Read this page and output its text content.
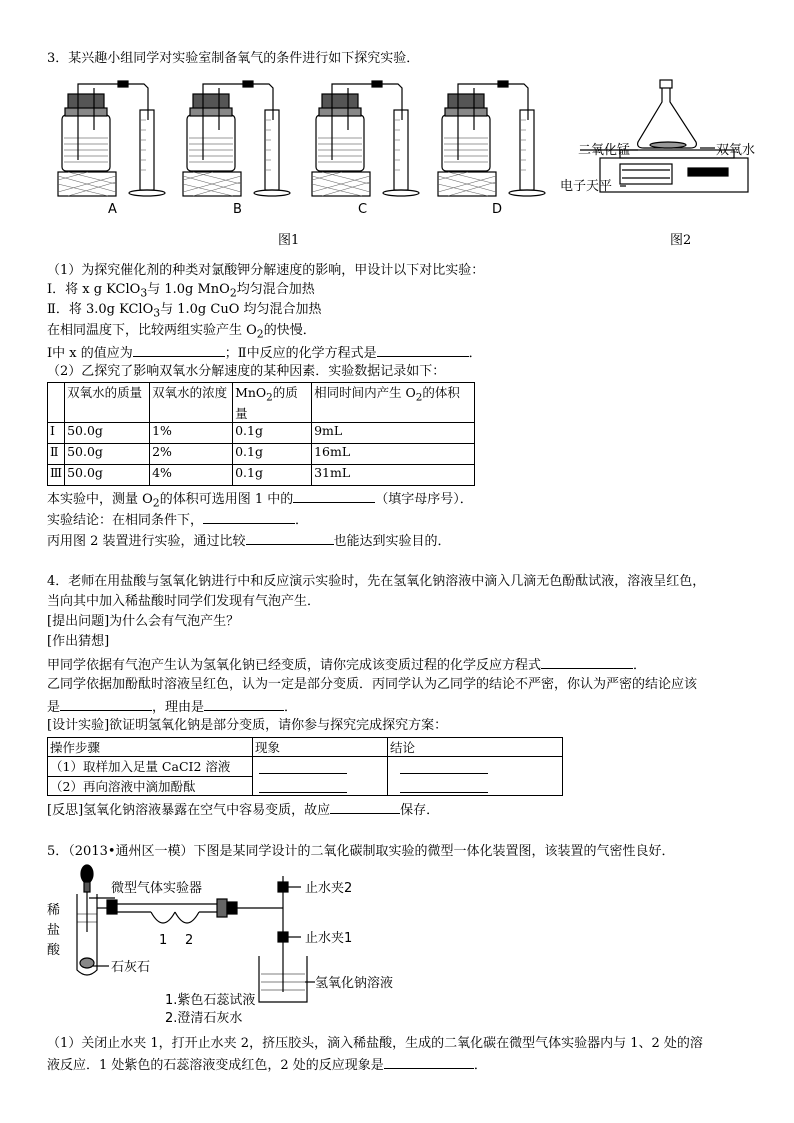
3．某兴趣小组同学对实验室制备氧气的条件进行如下探究实验．
A	B	C	D
图1
二氧化锰	双氧水
电子天平
图2
（1）为探究催化剂的种类对氯酸钾分解速度的影响，甲设计以下对比实验：
Ⅰ．将 x g KClO$_3$与 1.0g MnO$_2$均匀混合加热
Ⅱ．将 3.0g KClO$_3$与 1.0g CuO 均匀混合加热
在相同温度下，比较两组实验产生 $O_2$的快慢．
Ⅰ中 x 的值应为	；Ⅱ中反应的化学方程式是	．
（2）乙探究了影响双氧水分解速度的某种因素．实验数据记录如下：
	双氧水的质量	双氧水的浓度	MnO$_2$的质量	相同时间内产生 $O_2$的体积
Ⅰ	50.0g	1%	0.1g	9mL
Ⅱ	50.0g	2%	0.1g	16mL
Ⅲ	50.0g	4%	0.1g	31mL
本实验中，测量 $O_2$的体积可选用图 1 中的	（填字母序号）．
实验结论：在相同条件下，	．
丙用图 2 装置进行实验，通过比较	也能达到实验目的．
4．老师在用盐酸与氢氧化钠进行中和反应演示实验时，先在氢氧化钠溶液中滴入几滴无色酚酞试液，溶液呈红色，
当向其中加入稀盐酸时同学们发现有气泡产生．
[提出问题]为什么会有气泡产生？
[作出猜想]
甲同学依据有气泡产生认为氢氧化钠已经变质，请你完成该变质过程的化学反应方程式	．
乙同学依据加酚酞时溶液呈红色，认为一定是部分变质．丙同学认为乙同学的结论不严密，你认为严密的结论应该
是	，理由是	．
[设计实验]欲证明氢氧化钠是部分变质，请你参与探究完成探究方案：
操作步骤	现象	结论

（1）取样加入足量 CaCI2 溶液
（2）再向溶液中滴加酚酞		

[反思]氢氧化钠溶液暴露在空气中容易变质，故应	保存．
5．（2013•通州区一模）下图是某同学设计的二氧化碳制取实验的微型一体化装置图，该装置的气密性良好．
微型气体实验器	止水夹2
止水夹1
稀
盐
酸
石灰石
氢氧化钠溶液
1 2
1.紫色石蕊试液
2.澄清石灰水
（1）关闭止水夹 1，打开止水夹 2，挤压胶头，滴入稀盐酸，生成的二氧化碳在微型气体实验器内与 1、2 处的溶
液反应．1 处紫色的石蕊溶液变成红色，2 处的反应现象是	．
